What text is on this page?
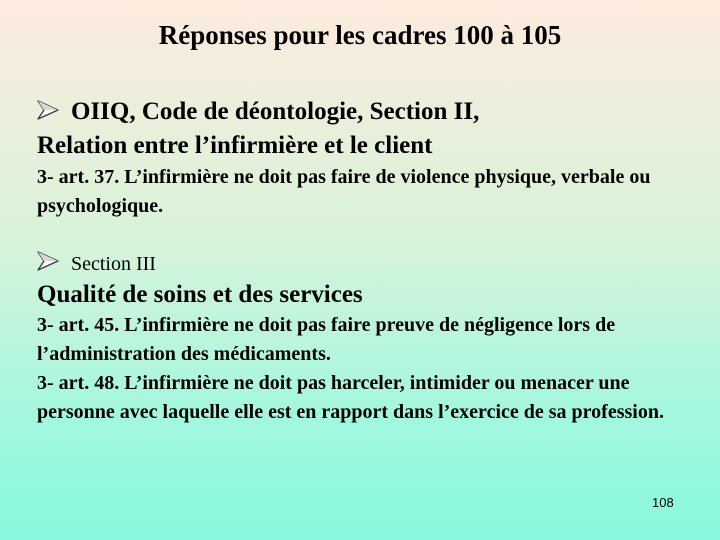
Réponses pour les cadres 100 à 105
OIIQ, Code de déontologie, Section II,
Relation entre l’infirmière et le client

3- art. 37. L’infirmière ne doit pas faire de violence physique, verbale ou psychologique.

Section III
Qualité de soins et des services

3- art. 45. L’infirmière ne doit pas faire preuve de négligence lors de l’administration des médicaments.

3- art. 48. L’infirmière ne doit pas harceler, intimider ou menacer une personne avec laquelle elle est en rapport dans l’exercice de sa profession.

108
